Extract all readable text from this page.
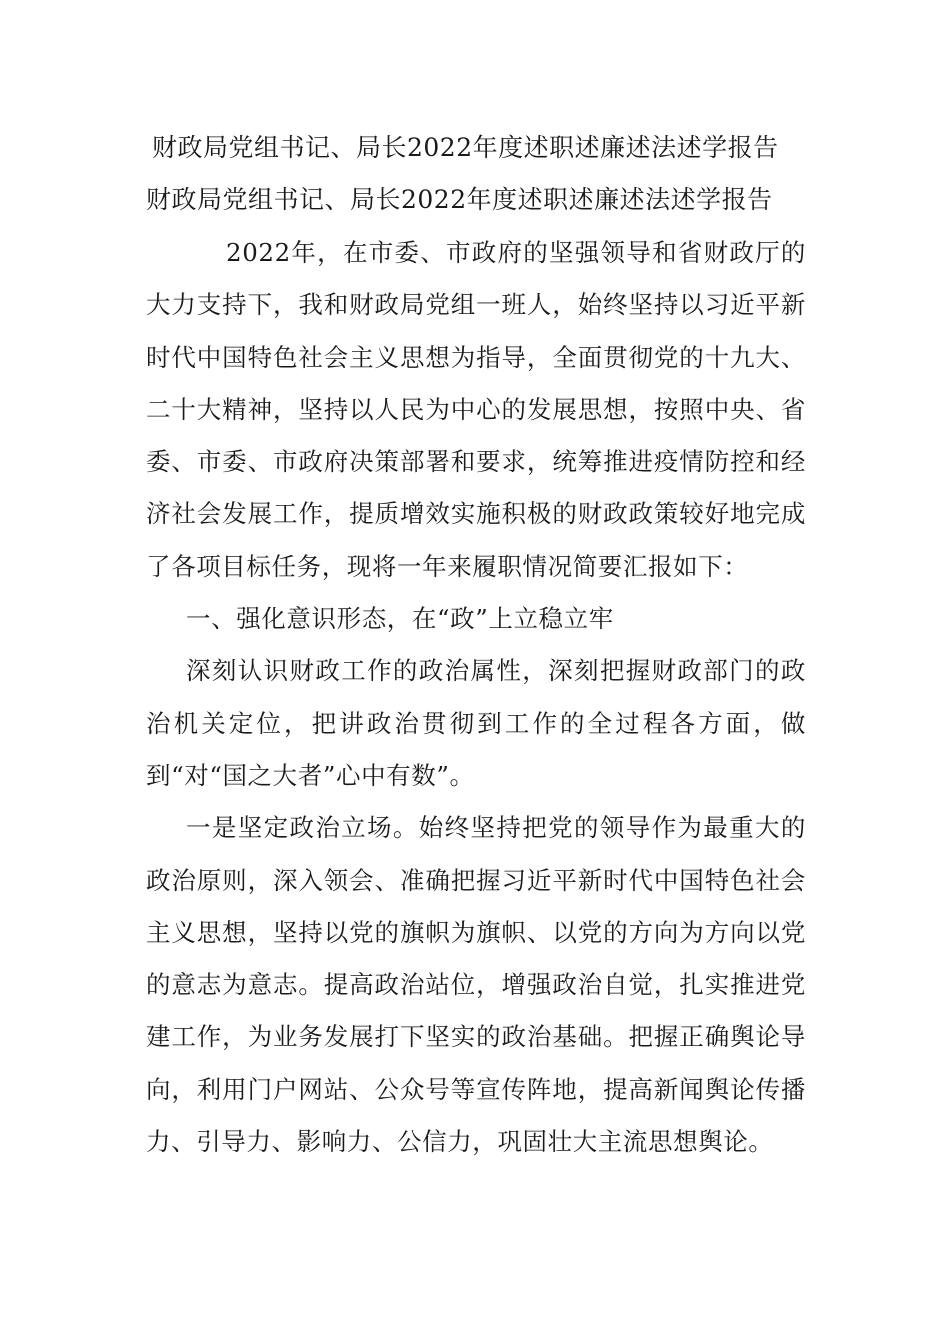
财政局党组书记、局长2022年度述职述廉述法述学报告
财政局党组书记、局长2022年度述职述廉述法述学报告

2022年，在市委、市政府的坚强领导和省财政厅的大力支持下，我和财政局党组一班人，始终坚持以习近平新时代中国特色社会主义思想为指导，全面贯彻党的十九大、二十大精神，坚持以人民为中心的发展思想，按照中央、省委、市委、市政府决策部署和要求，统筹推进疫情防控和经济社会发展工作，提质增效实施积极的财政政策较好地完成了各项目标任务，现将一年来履职情况简要汇报如下：

一、强化意识形态，在“政”上立稳立牢

深刻认识财政工作的政治属性，深刻把握财政部门的政治机关定位，把讲政治贯彻到工作的全过程各方面，做到“对“国之大者”心中有数”。

一是坚定政治立场。始终坚持把党的领导作为最重大的政治原则，深入领会、准确把握习近平新时代中国特色社会主义思想，坚持以党的旗帜为旗帜、以党的方向为方向以党的意志为意志。提高政治站位，增强政治自觉，扎实推进党建工作，为业务发展打下坚实的政治基础。把握正确舆论导向，利用门户网站、公众号等宣传阵地，提高新闻舆论传播力、引导力、影响力、公信力，巩固壮大主流思想舆论。
